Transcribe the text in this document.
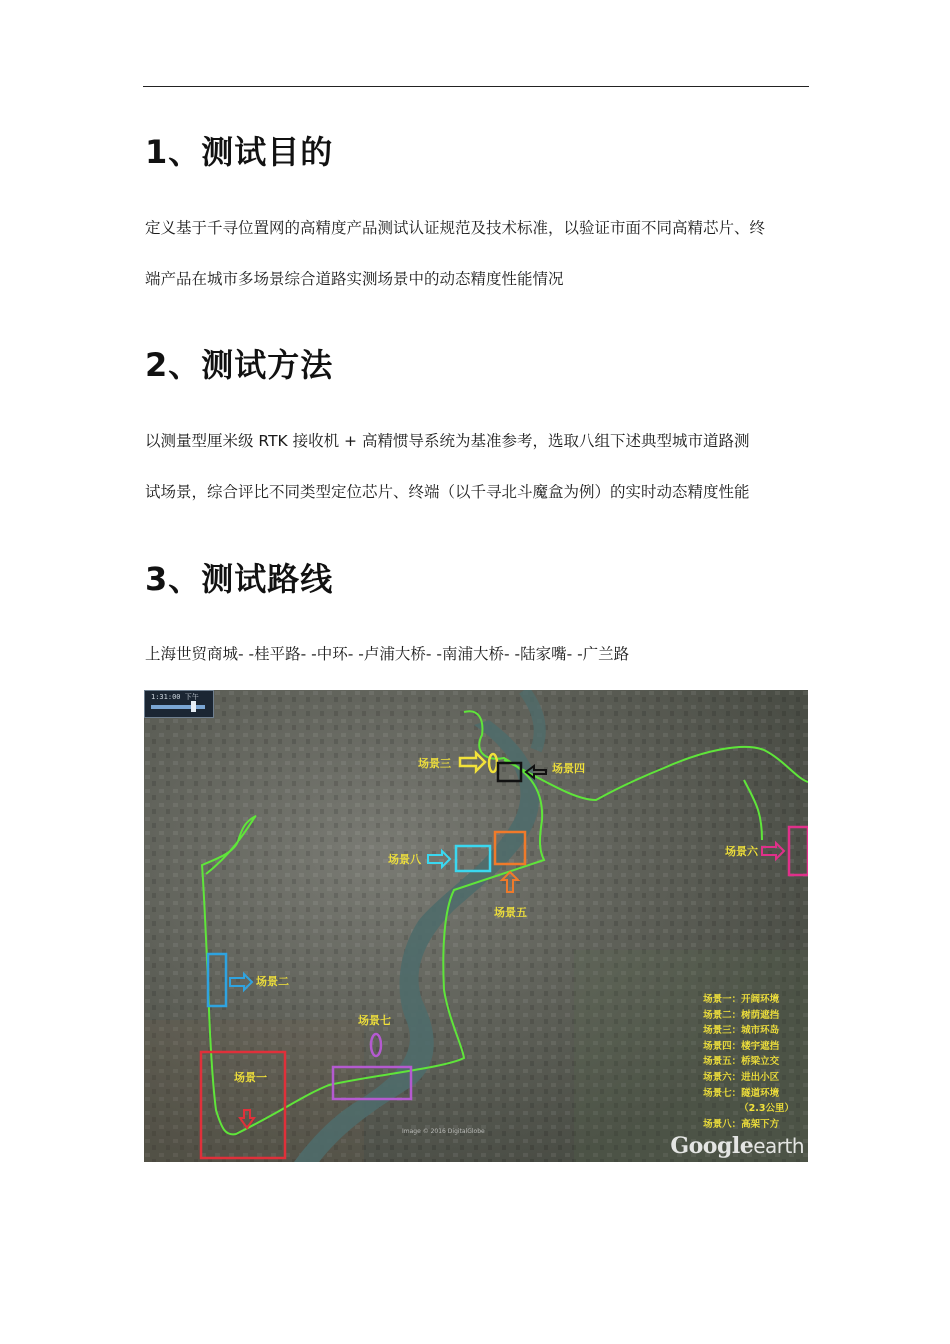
1、测试目的

定义基于千寻位置网的高精度产品测试认证规范及技术标准，以验证市面不同高精芯片、终

端产品在城市多场景综合道路实测场景中的动态精度性能情况

2、测试方法

以测量型厘米级 RTK 接收机 + 高精惯导系统为基准参考，选取八组下述典型城市道路测

试场景，综合评比不同类型定位芯片、终端（以千寻北斗魔盒为例）的实时动态精度性能

3、测试路线

上海世贸商城- -桂平路- -中环- -卢浦大桥- -南浦大桥- -陆家嘴- -广兰路

1:31:00 下午
场景三	场景四
场景八
场景五
场景六
场景二
场景七
场景一
场景一：开阔环境
场景二：树荫遮挡
场景三：城市环岛
场景四：楼宇遮挡
场景五：桥梁立交
场景六：进出小区
场景七：隧道环境
（2.3公里）
场景八：高架下方
Image © 2016 DigitalGlobe
Googleearth
